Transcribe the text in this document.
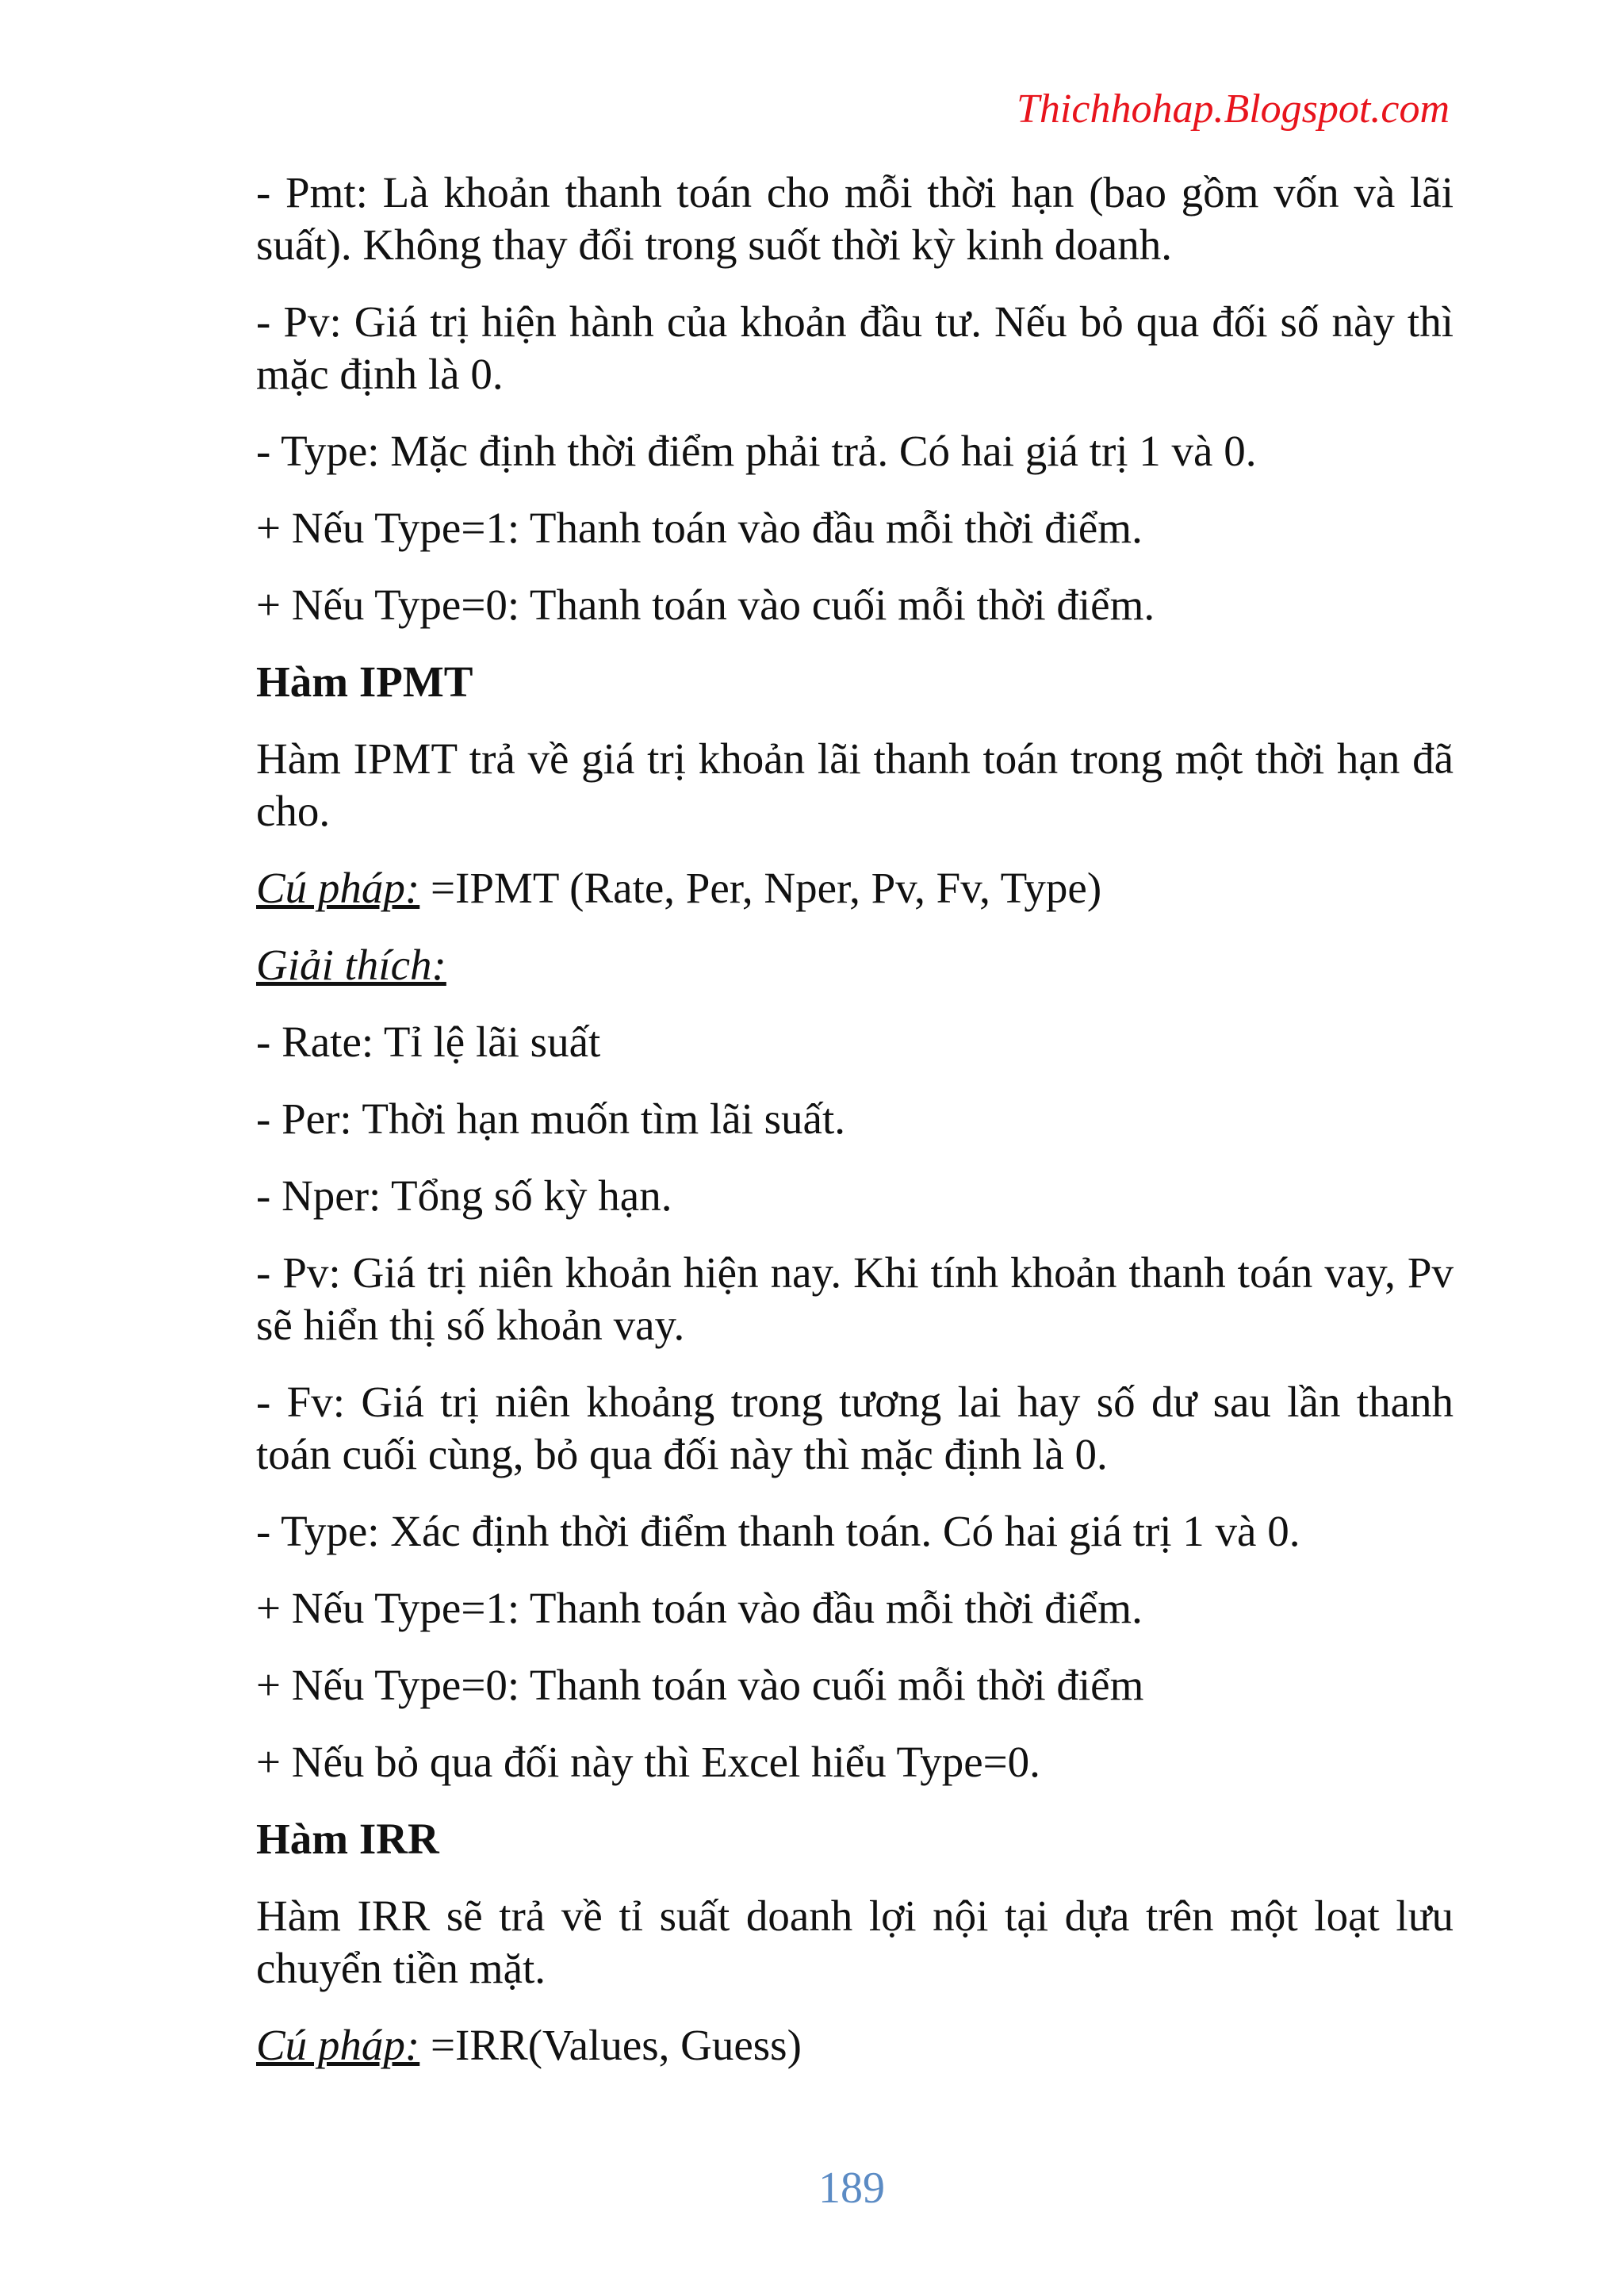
Thichhohap.Blogspot.com

- Pmt: Là khoản thanh toán cho mỗi thời hạn (bao gồm vốn và lãi suất). Không thay đổi trong suốt thời kỳ kinh doanh.

- Pv: Giá trị hiện hành của khoản đầu tư. Nếu bỏ qua đối số này thì mặc định là 0.

- Type: Mặc định thời điểm phải trả. Có hai giá trị 1 và 0.

+ Nếu Type=1: Thanh toán vào đầu mỗi thời điểm.

+ Nếu Type=0: Thanh toán vào cuối mỗi thời điểm.

Hàm IPMT

Hàm IPMT trả về giá trị khoản lãi thanh toán trong một thời hạn đã cho.

Cú pháp: =IPMT (Rate, Per, Nper, Pv, Fv, Type)

Giải thích:

- Rate: Tỉ lệ lãi suất

- Per: Thời hạn muốn tìm lãi suất.

- Nper: Tổng số kỳ hạn.

- Pv: Giá trị niên khoản hiện nay. Khi tính khoản thanh toán vay, Pv sẽ hiển thị số khoản vay.

- Fv: Giá trị niên khoảng trong tương lai hay số dư sau lần thanh toán cuối cùng, bỏ qua đối này thì mặc định là 0.

- Type: Xác định thời điểm thanh toán. Có hai giá trị 1 và 0.

+ Nếu Type=1: Thanh toán vào đầu mỗi thời điểm.

+ Nếu Type=0: Thanh toán vào cuối mỗi thời điểm

+ Nếu bỏ qua đối này thì Excel hiểu Type=0.

Hàm IRR

Hàm IRR sẽ trả về tỉ suất doanh lợi nội tại dựa trên một loạt lưu chuyển tiền mặt.

Cú pháp: =IRR(Values, Guess)

189
